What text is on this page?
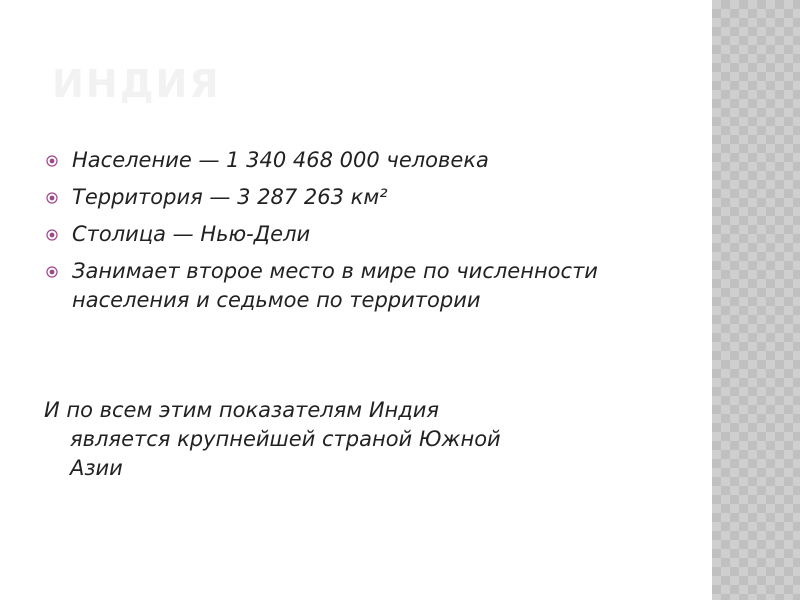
ИНДИЯ
Население — 1 340 468 000 человека
Территория — 3 287 263 км²
Столица — Нью-Дели
Занимает второе место в мире по численности населения и седьмое по территории

И по всем этим показателям Индия
является крупнейшей страной Южной
Азии
